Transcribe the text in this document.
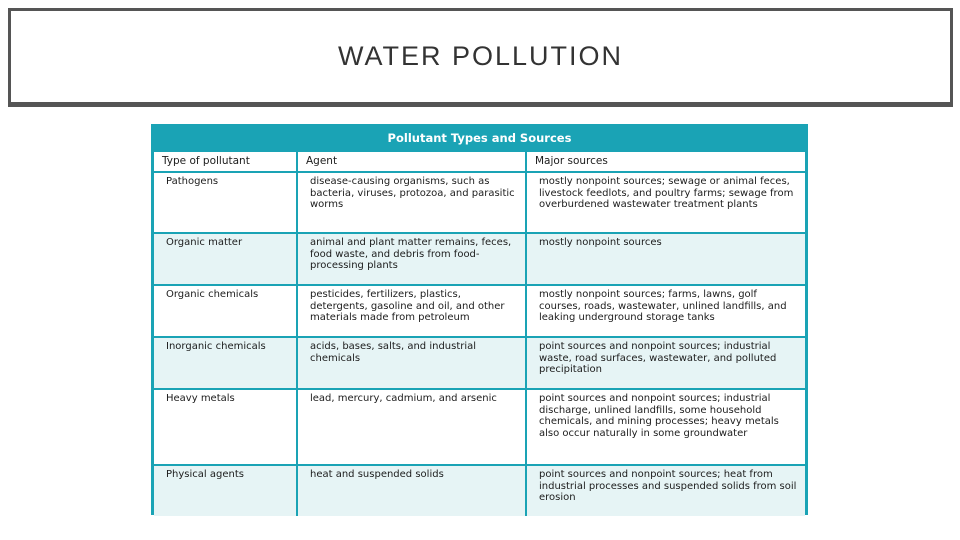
WATER POLLUTION
Pollutant Types and Sources
Type of pollutant	Agent	Major sources
Pathogens	disease-causing organisms, such as bacteria, viruses, protozoa, and parasitic worms	mostly nonpoint sources; sewage or animal feces, livestock feedlots, and poultry farms; sewage from overburdened wastewater treatment plants
Organic matter	animal and plant matter remains, feces, food waste, and debris from food-processing plants	mostly nonpoint sources
Organic chemicals	pesticides, fertilizers, plastics, detergents, gasoline and oil, and other materials made from petroleum	mostly nonpoint sources; farms, lawns, golf courses, roads, wastewater, unlined landfills, and leaking underground storage tanks
Inorganic chemicals	acids, bases, salts, and industrial chemicals	point sources and nonpoint sources; industrial waste, road surfaces, wastewater, and polluted precipitation
Heavy metals	lead, mercury, cadmium, and arsenic	point sources and nonpoint sources; industrial discharge, unlined landfills, some household chemicals, and mining processes; heavy metals also occur naturally in some groundwater
Physical agents	heat and suspended solids	point sources and nonpoint sources; heat from industrial processes and suspended solids from soil erosion
